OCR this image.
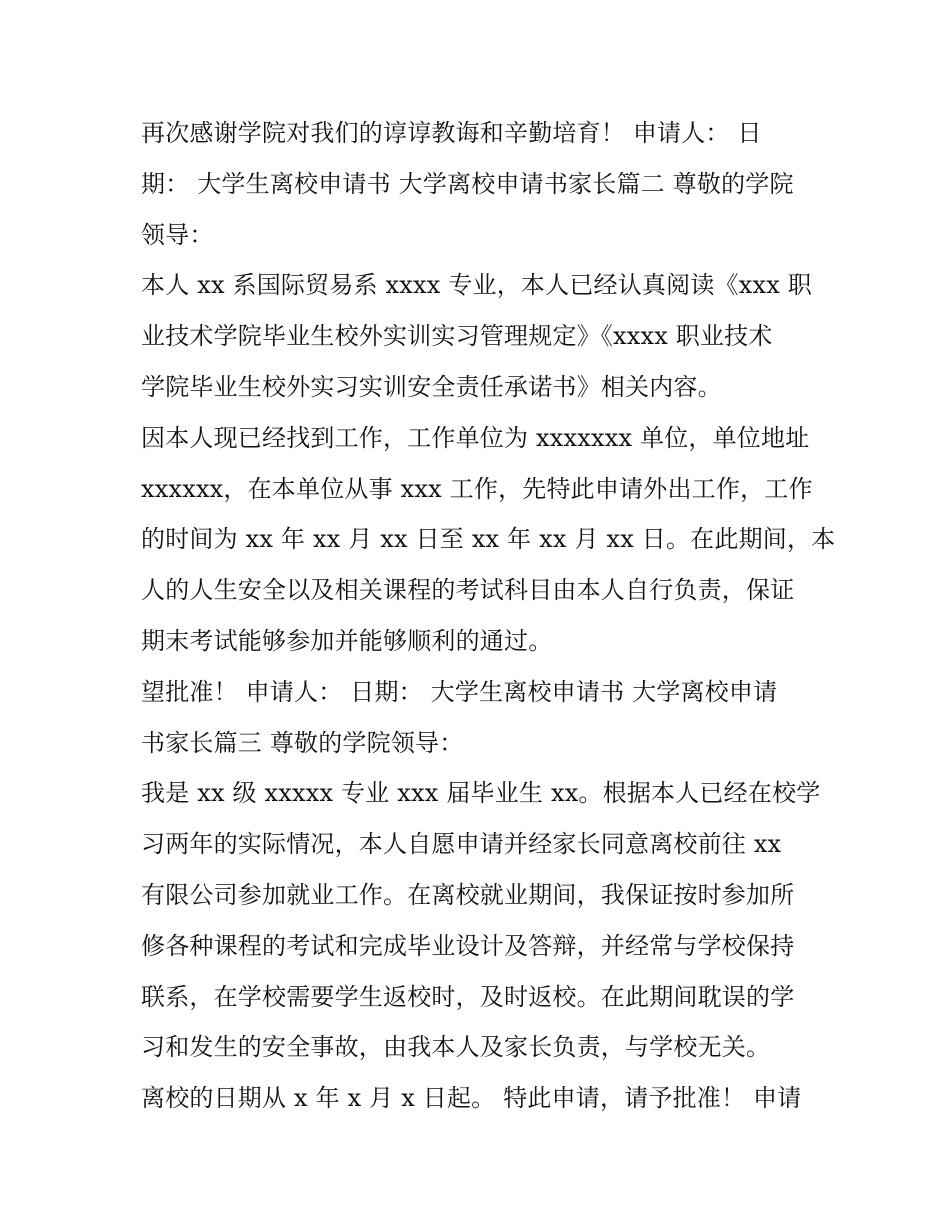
再次感谢学院对我们的谆谆教诲和辛勤培育！ 申请人： 日
期： 大学生离校申请书 大学离校申请书家长篇二 尊敬的学院
领导：
本人 xx 系国际贸易系 xxxx 专业，本人已经认真阅读《xxx 职
业技术学院毕业生校外实训实习管理规定》《xxxx 职业技术
学院毕业生校外实习实训安全责任承诺书》相关内容。
因本人现已经找到工作，工作单位为 xxxxxxx 单位，单位地址
xxxxxx，在本单位从事 xxx 工作，先特此申请外出工作，工作
的时间为 xx 年 xx 月 xx 日至 xx 年 xx 月 xx 日。在此期间，本
人的人生安全以及相关课程的考试科目由本人自行负责，保证
期末考试能够参加并能够顺利的通过。
望批准！ 申请人： 日期： 大学生离校申请书 大学离校申请
书家长篇三 尊敬的学院领导：
我是 xx 级 xxxxx 专业 xxx 届毕业生 xx。根据本人已经在校学
习两年的实际情况，本人自愿申请并经家长同意离校前往 xx
有限公司参加就业工作。在离校就业期间，我保证按时参加所
修各种课程的考试和完成毕业设计及答辩，并经常与学校保持
联系，在学校需要学生返校时，及时返校。在此期间耽误的学
习和发生的安全事故，由我本人及家长负责，与学校无关。
离校的日期从 x 年 x 月 x 日起。 特此申请，请予批准！ 申请
